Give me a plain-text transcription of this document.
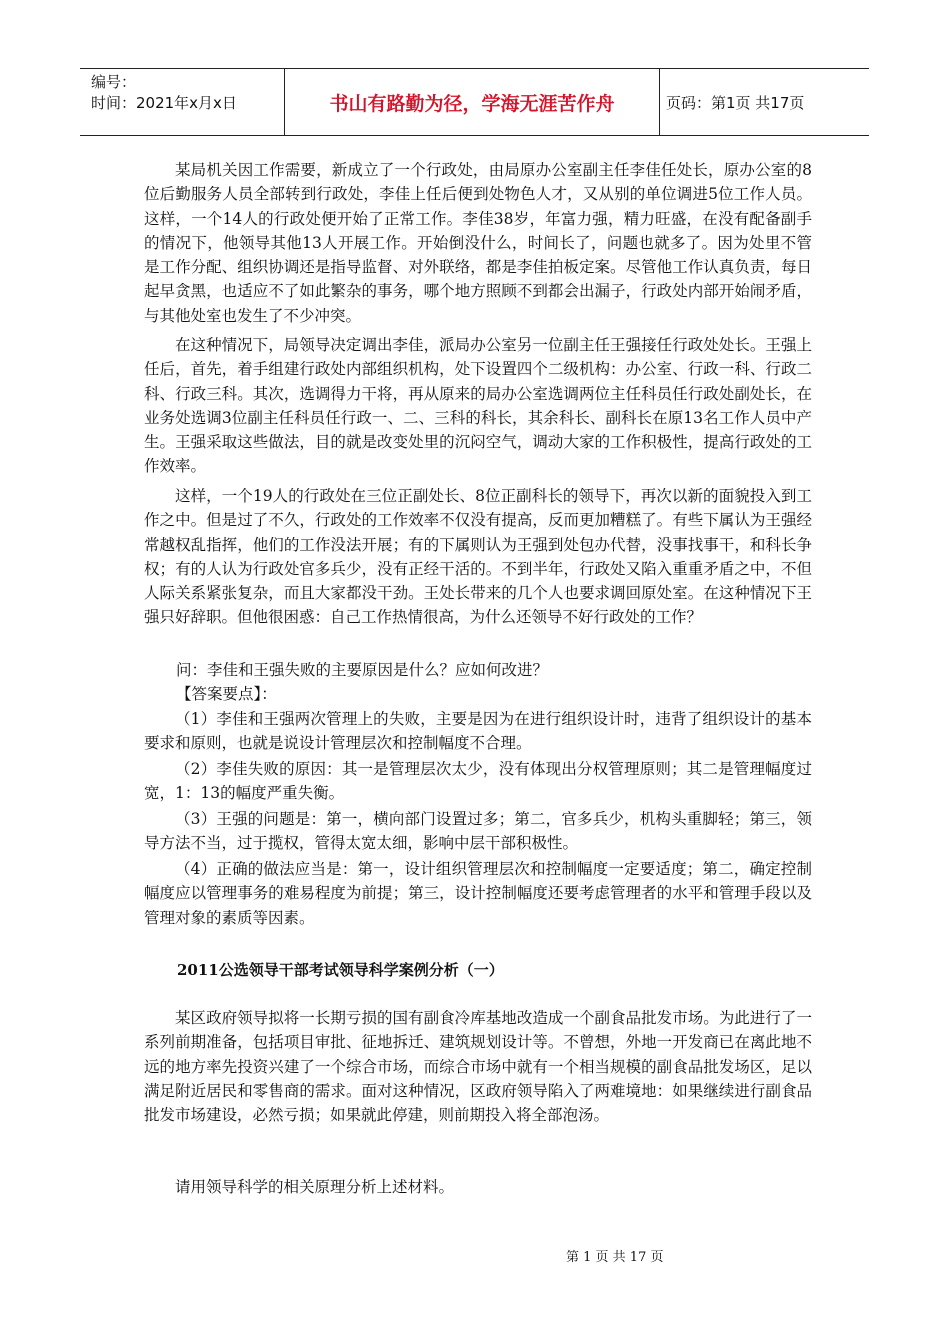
编号：
时间：2021年x月x日	书山有路勤为径，学海无涯苦作舟	页码：第1页 共17页

某局机关因工作需要，新成立了一个行政处，由局原办公室副主任李佳任处长，原办公室的8位后勤服务人员全部转到行政处，李佳上任后便到处物色人才，又从别的单位调进5位工作人员。这样，一个14人的行政处便开始了正常工作。李佳38岁，年富力强，精力旺盛，在没有配备副手的情况下，他领导其他13人开展工作。开始倒没什么，时间长了，问题也就多了。因为处里不管是工作分配、组织协调还是指导监督、对外联络，都是李佳拍板定案。尽管他工作认真负责，每日起早贪黑，也适应不了如此繁杂的事务，哪个地方照顾不到都会出漏子，行政处内部开始闹矛盾，与其他处室也发生了不少冲突。

在这种情况下，局领导决定调出李佳，派局办公室另一位副主任王强接任行政处处长。王强上任后，首先，着手组建行政处内部组织机构，处下设置四个二级机构：办公室、行政一科、行政二科、行政三科。其次，选调得力干将，再从原来的局办公室选调两位主任科员任行政处副处长，在业务处选调3位副主任科员任行政一、二、三科的科长，其余科长、副科长在原13名工作人员中产生。王强采取这些做法，目的就是改变处里的沉闷空气，调动大家的工作积极性，提高行政处的工作效率。

这样，一个19人的行政处在三位正副处长、8位正副科长的领导下，再次以新的面貌投入到工作之中。但是过了不久，行政处的工作效率不仅没有提高，反而更加糟糕了。有些下属认为王强经常越权乱指挥，他们的工作没法开展；有的下属则认为王强到处包办代替，没事找事干，和科长争权；有的人认为行政处官多兵少，没有正经干活的。不到半年，行政处又陷入重重矛盾之中，不但人际关系紧张复杂，而且大家都没干劲。王处长带来的几个人也要求调回原处室。在这种情况下王强只好辞职。但他很困惑：自己工作热情很高，为什么还领导不好行政处的工作？

问：李佳和王强失败的主要原因是什么？应如何改进？

【答案要点】：

（1）李佳和王强两次管理上的失败，主要是因为在进行组织设计时，违背了组织设计的基本要求和原则，也就是说设计管理层次和控制幅度不合理。

（2）李佳失败的原因：其一是管理层次太少，没有体现出分权管理原则；其二是管理幅度过宽，1：13的幅度严重失衡。

（3）王强的问题是：第一，横向部门设置过多；第二，官多兵少，机构头重脚轻；第三，领导方法不当，过于揽权，管得太宽太细，影响中层干部积极性。

（4）正确的做法应当是：第一，设计组织管理层次和控制幅度一定要适度；第二，确定控制幅度应以管理事务的难易程度为前提；第三，设计控制幅度还要考虑管理者的水平和管理手段以及管理对象的素质等因素。

2011公选领导干部考试领导科学案例分析（一）

某区政府领导拟将一长期亏损的国有副食冷库基地改造成一个副食品批发市场。为此进行了一系列前期准备，包括项目审批、征地拆迁、建筑规划设计等。不曾想，外地一开发商已在离此地不远的地方率先投资兴建了一个综合市场，而综合市场中就有一个相当规模的副食品批发场区，足以满足附近居民和零售商的需求。面对这种情况，区政府领导陷入了两难境地：如果继续进行副食品批发市场建设，必然亏损；如果就此停建，则前期投入将全部泡汤。

请用领导科学的相关原理分析上述材料。

第 1 页 共 17 页
